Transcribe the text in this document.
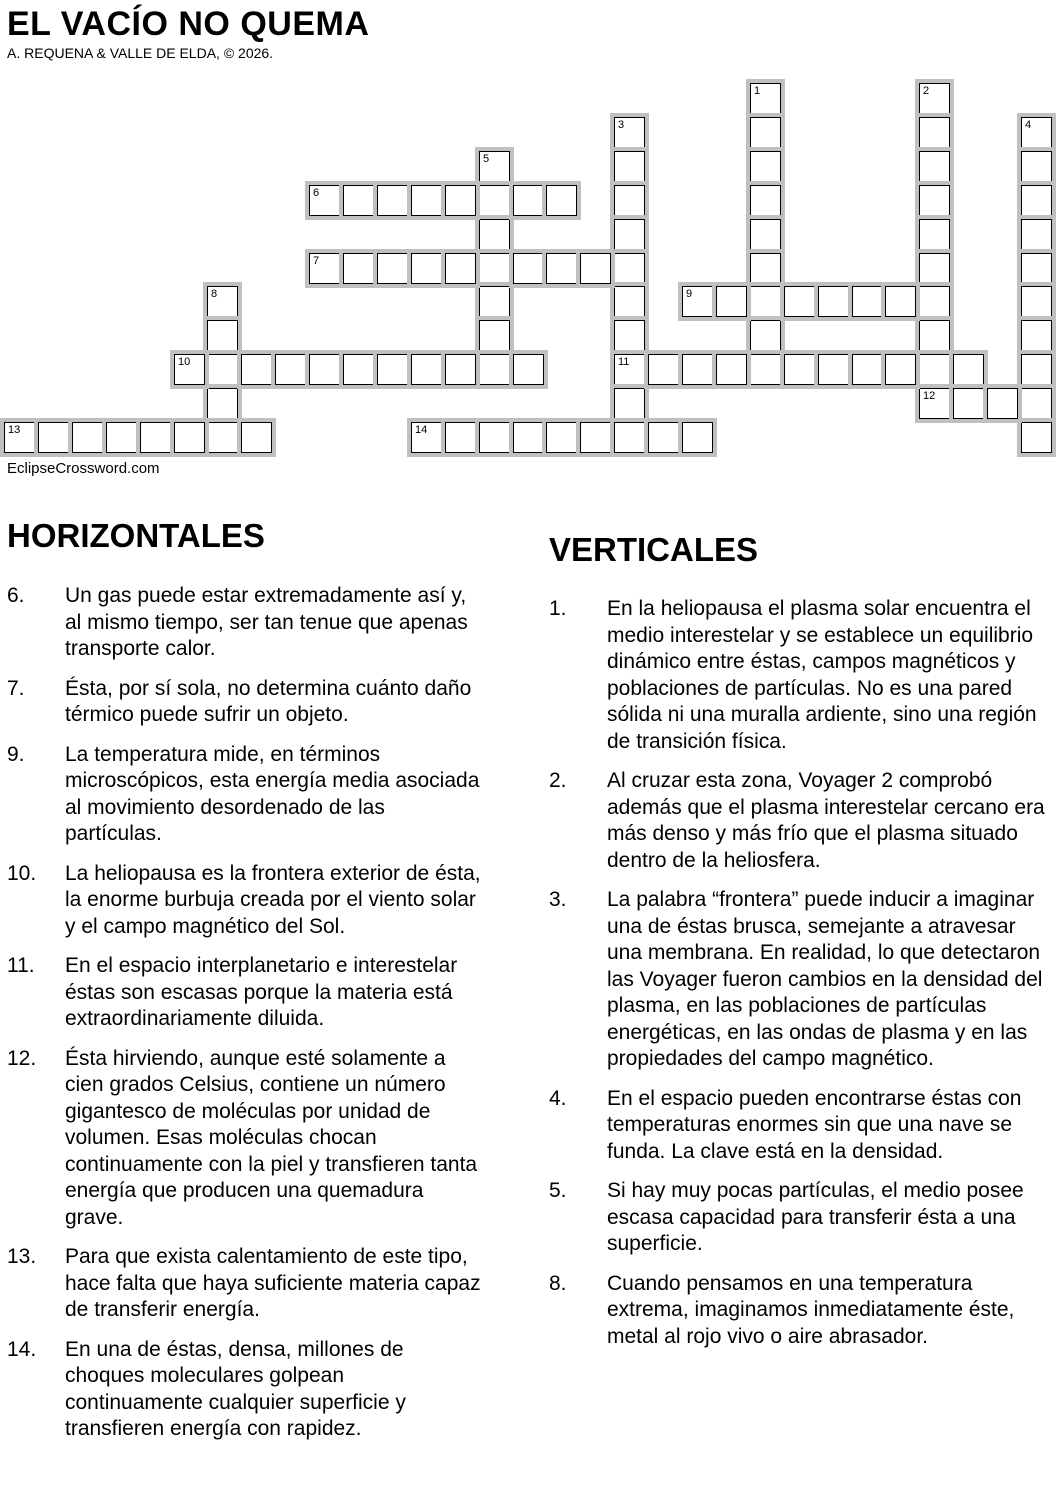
EL VACÍO NO QUEMA
A. REQUENA & VALLE DE ELDA, © 2026.
1	2
12
3
11
4
5
6
7
8	9
10
13	14
EclipseCrossword.com
HORIZONTALES
6. Un gas puede estar extremadamente así y, al mismo tiempo, ser tan tenue que apenas transporte calor.
7. Ésta, por sí sola, no determina cuánto daño térmico puede sufrir un objeto.
9. La temperatura mide, en términos microscópicos, esta energía media asociada al movimiento desordenado de las partículas.
10. La heliopausa es la frontera exterior de ésta, la enorme burbuja creada por el viento solar y el campo magnético del Sol.
11. En el espacio interplanetario e interestelar éstas son escasas porque la materia está extraordinariamente diluida.
12. Ésta hirviendo, aunque esté solamente a cien grados Celsius, contiene un número gigantesco de moléculas por unidad de volumen. Esas moléculas chocan continuamente con la piel y transfieren tanta energía que producen una quemadura grave.
13. Para que exista calentamiento de este tipo, hace falta que haya suficiente materia capaz de transferir energía.
14. En una de éstas, densa, millones de choques moleculares golpean continuamente cualquier superficie y transfieren energía con rapidez.
VERTICALES
1. En la heliopausa el plasma solar encuentra el medio interestelar y se establece un equilibrio dinámico entre éstas, campos magnéticos y poblaciones de partículas. No es una pared sólida ni una muralla ardiente, sino una región de transición física.
2. Al cruzar esta zona, Voyager 2 comprobó además que el plasma interestelar cercano era más denso y más frío que el plasma situado dentro de la heliosfera.
3. La palabra “frontera” puede inducir a imaginar una de éstas brusca, semejante a atravesar una membrana. En realidad, lo que detectaron las Voyager fueron cambios en la densidad del plasma, en las poblaciones de partículas energéticas, en las ondas de plasma y en las propiedades del campo magnético.
4. En el espacio pueden encontrarse éstas con temperaturas enormes sin que una nave se funda. La clave está en la densidad.
5. Si hay muy pocas partículas, el medio posee escasa capacidad para transferir ésta a una superficie.
8. Cuando pensamos en una temperatura extrema, imaginamos inmediatamente éste, metal al rojo vivo o aire abrasador.
